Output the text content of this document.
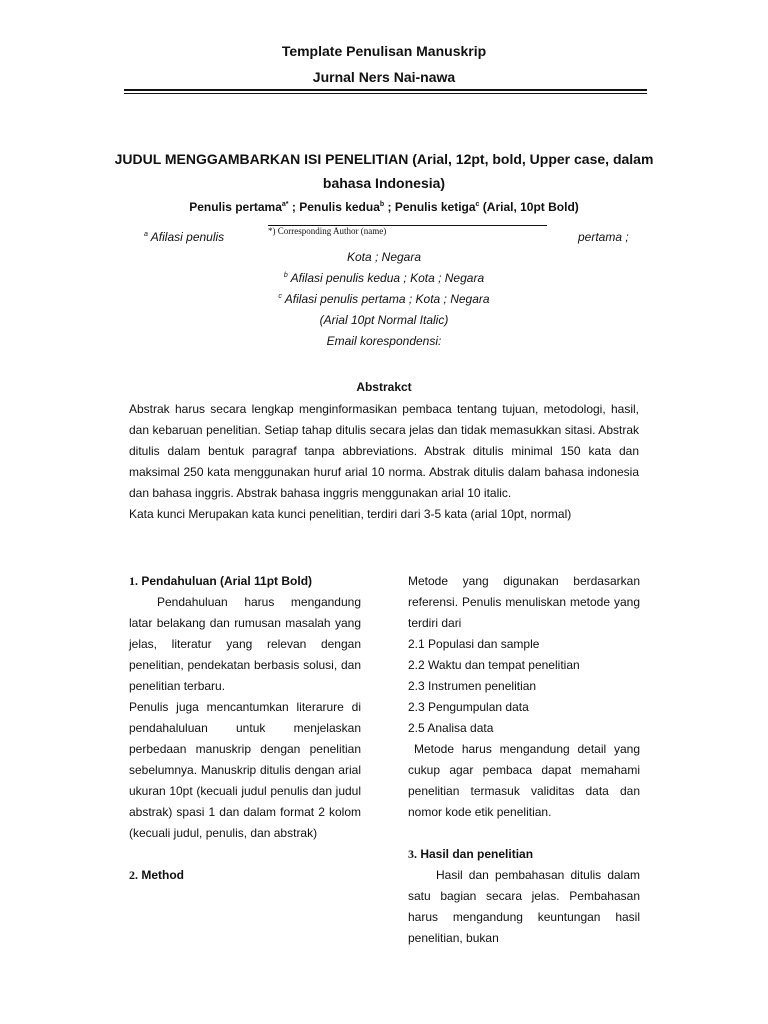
Template Penulisan Manuskrip
Jurnal Ners Nai-nawa
JUDUL MENGGAMBARKAN ISI PENELITIAN (Arial, 12pt, bold, Upper case, dalam bahasa Indonesia)
Penulis pertama$^{a*}$ ; Penulis kedua$^b$ ; Penulis ketiga$^c$ (Arial, 10pt Bold)
*) Corresponding Author (name)
$^a$ Afilasi penulis	pertama ;
Kota ; Negara
$^b$ Afilasi penulis kedua ; Kota ; Negara
$^c$ Afilasi penulis pertama ; Kota ; Negara
(Arial 10pt Normal Italic)
Email korespondensi:
Abstrakct

Abstrak harus secara lengkap menginformasikan pembaca tentang tujuan, metodologi, hasil, dan kebaruan penelitian. Setiap tahap ditulis secara jelas dan tidak memasukkan sitasi. Abstrak ditulis dalam bentuk paragraf tanpa abbreviations. Abstrak ditulis minimal 150 kata dan maksimal 250 kata menggunakan huruf arial 10 norma. Abstrak ditulis dalam bahasa indonesia dan bahasa inggris. Abstrak bahasa inggris menggunakan arial 10 italic.

Kata kunci Merupakan kata kunci penelitian, terdiri dari 3-5 kata (arial 10pt, normal)

1. Pendahuluan (Arial 11pt Bold)

Pendahuluan harus mengandung latar belakang dan rumusan masalah yang jelas, literatur yang relevan dengan penelitian, pendekatan berbasis solusi, dan penelitian terbaru.

Penulis juga mencantumkan literarure di pendahaluluan untuk menjelaskan perbedaan manuskrip dengan penelitian sebelumnya. Manuskrip ditulis dengan arial ukuran 10pt (kecuali judul penulis dan judul abstrak) spasi 1 dan dalam format 2 kolom (kecuali judul, penulis, dan abstrak)

2. Method

Metode yang digunakan berdasarkan referensi. Penulis menuliskan metode yang terdiri dari

2.1 Populasi dan sample

2.2 Waktu dan tempat penelitian

2.3 Instrumen penelitian

2.3 Pengumpulan data

2.5 Analisa data

Metode harus mengandung detail yang cukup agar pembaca dapat memahami penelitian termasuk validitas data dan nomor kode etik penelitian.

3. Hasil dan penelitian

Hasil dan pembahasan ditulis dalam satu bagian secara jelas. Pembahasan harus mengandung keuntungan hasil penelitian, bukan
